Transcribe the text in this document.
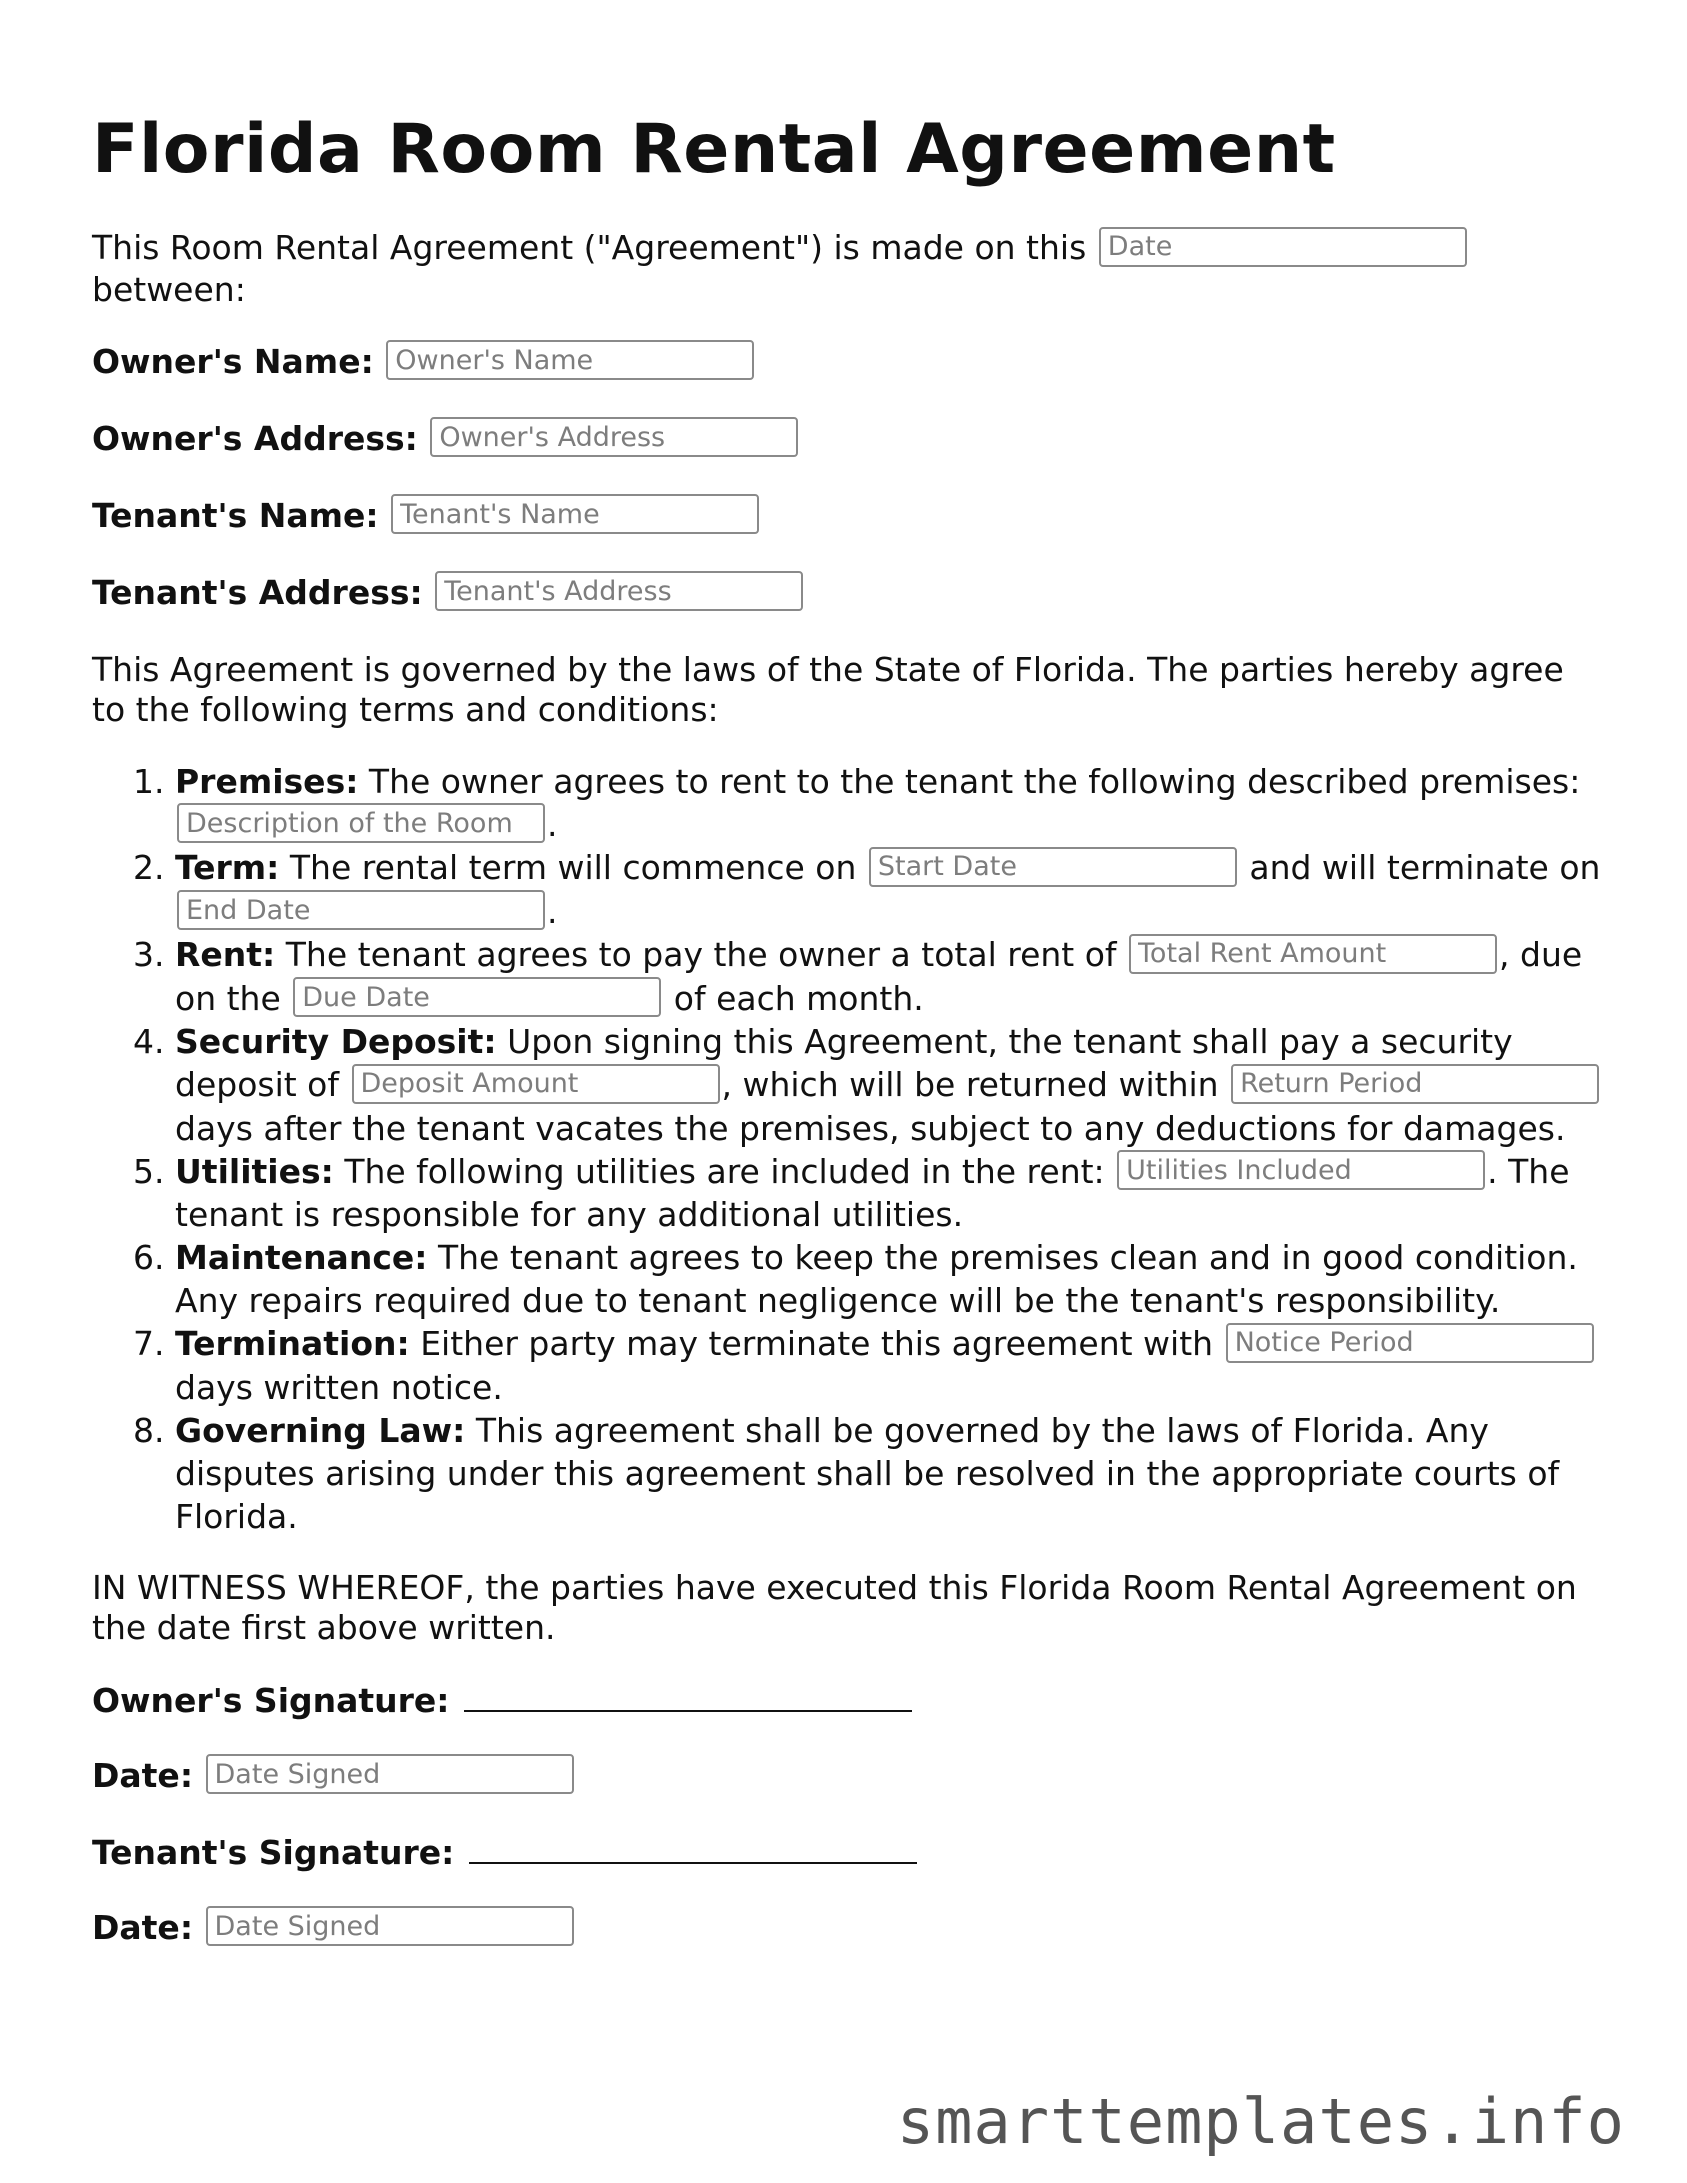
Florida Room Rental Agreement

This Room Rental Agreement ("Agreement") is made on this Date between:

Owner's Name: Owner's Name
Owner's Address: Owner's Address
Tenant's Name: Tenant's Name
Tenant's Address: Tenant's Address

This Agreement is governed by the laws of the State of Florida. The parties hereby agree to the following terms and conditions:

1. Premises: The owner agrees to rent to the tenant the following described premises: Description of the Room.
2. Term: The rental term will commence on Start Date	and will terminate on End Date.
3. Rent: The tenant agrees to pay the owner a total rent of Total Rent Amount	, due on the Due Date	of each month.
4. Security Deposit: Upon signing this Agreement, the tenant shall pay a security deposit of Deposit Amount	, which will be returned within Return Period days after the tenant vacates the premises, subject to any deductions for damages.
5. Utilities: The following utilities are included in the rent: Utilities Included	. The tenant is responsible for any additional utilities.
6. Maintenance: The tenant agrees to keep the premises clean and in good condition. Any repairs required due to tenant negligence will be the tenant's responsibility.
7. Termination: Either party may terminate this agreement with Notice Period days written notice.
8. Governing Law: This agreement shall be governed by the laws of Florida. Any disputes arising under this agreement shall be resolved in the appropriate courts of Florida.

IN WITNESS WHEREOF, the parties have executed this Florida Room Rental Agreement on the date first above written.

Owner's Signature:
Date: Date Signed
Tenant's Signature:
Date: Date Signed
smarttemplates.info
